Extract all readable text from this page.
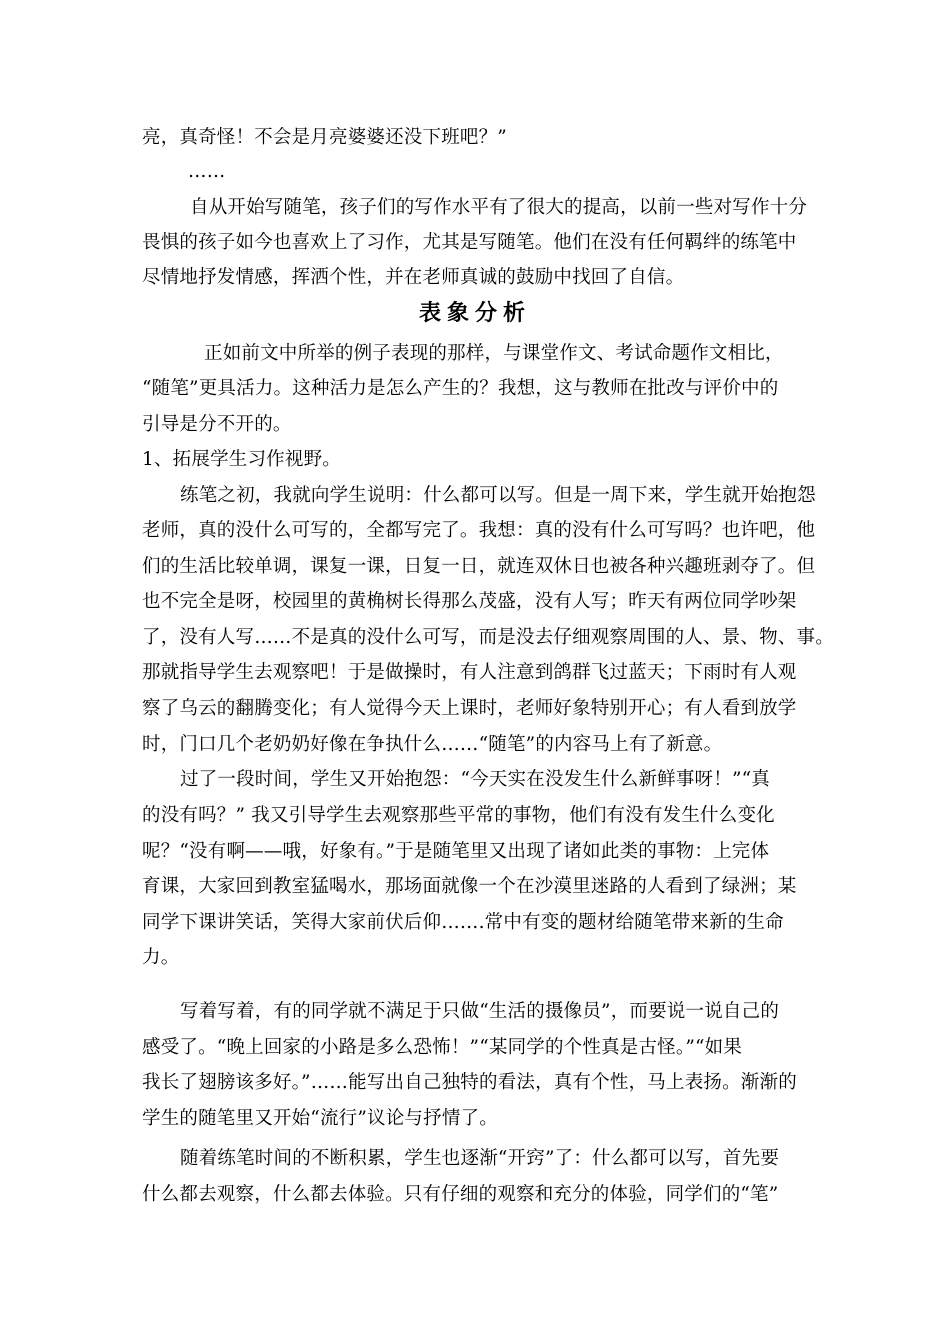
亮，真奇怪！不会是月亮婆婆还没下班吧？”
……
自从开始写随笔，孩子们的写作水平有了很大的提高，以前一些对写作十分
畏惧的孩子如今也喜欢上了习作，尤其是写随笔。他们在没有任何羁绊的练笔中
尽情地抒发情感，挥洒个性，并在老师真诚的鼓励中找回了自信。
表象分析
正如前文中所举的例子表现的那样，与课堂作文、考试命题作文相比，
“随笔”更具活力。这种活力是怎么产生的？我想，这与教师在批改与评价中的
引导是分不开的。
1、拓展学生习作视野。
练笔之初，我就向学生说明：什么都可以写。但是一周下来，学生就开始抱怨
老师，真的没什么可写的，全都写完了。我想：真的没有什么可写吗？也许吧，他
们的生活比较单调，课复一课，日复一日，就连双休日也被各种兴趣班剥夺了。但
也不完全是呀，校园里的黄桷树长得那么茂盛，没有人写；昨天有两位同学吵架
了，没有人写……不是真的没什么可写，而是没去仔细观察周围的人、景、物、事。
那就指导学生去观察吧！于是做操时，有人注意到鸽群飞过蓝天；下雨时有人观
察了乌云的翻腾变化；有人觉得今天上课时，老师好象特别开心；有人看到放学
时，门口几个老奶奶好像在争执什么……“随笔”的内容马上有了新意。
过了一段时间，学生又开始抱怨：“今天实在没发生什么新鲜事呀！”“真
的没有吗？” 我又引导学生去观察那些平常的事物，他们有没有发生什么变化
呢？“没有啊——哦，好象有。”于是随笔里又出现了诸如此类的事物：上完体
育课，大家回到教室猛喝水，那场面就像一个在沙漠里迷路的人看到了绿洲；某
同学下课讲笑话，笑得大家前伏后仰…….常中有变的题材给随笔带来新的生命
力。
写着写着，有的同学就不满足于只做“生活的摄像员”，而要说一说自己的
感受了。“晚上回家的小路是多么恐怖！”“某同学的个性真是古怪。”“如果
我长了翅膀该多好。”……能写出自己独特的看法，真有个性，马上表扬。渐渐的
学生的随笔里又开始“流行”议论与抒情了。
随着练笔时间的不断积累，学生也逐渐“开窍”了：什么都可以写，首先要
什么都去观察，什么都去体验。只有仔细的观察和充分的体验，同学们的“笔”
